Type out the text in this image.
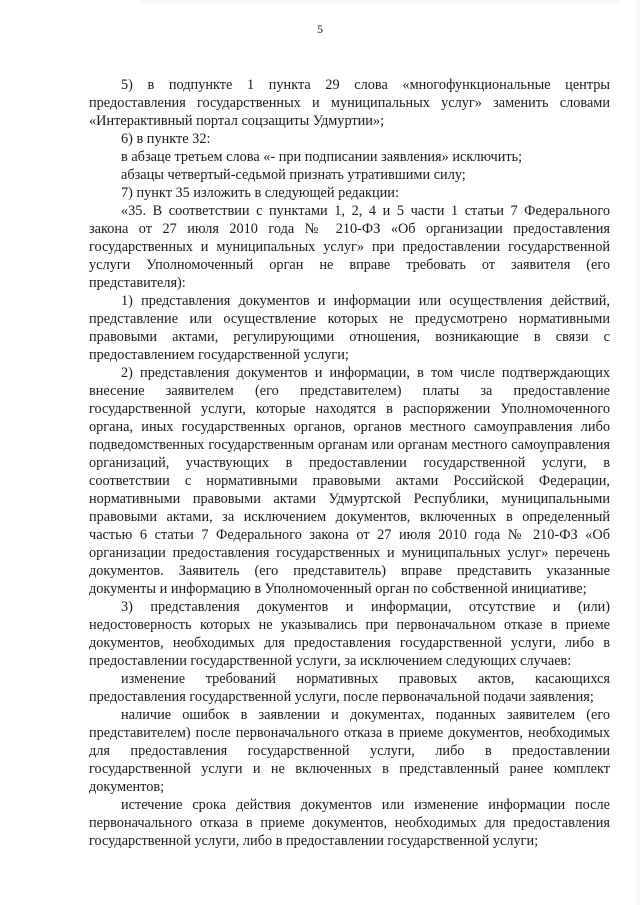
5

5) в подпункте 1 пункта 29 слова «многофункциональные центры предоставления государственных и муниципальных услуг» заменить словами «Интерактивный портал соцзащиты Удмуртии»;

6) в пункте 32:

в абзаце третьем слова «- при подписании заявления» исключить;

абзацы четвертый-седьмой признать утратившими силу;

7) пункт 35 изложить в следующей редакции:

«35. В соответствии с пунктами 1, 2, 4 и 5 части 1 статьи 7 Федерального закона от 27 июля 2010 года № 210-ФЗ «Об организации предоставления государственных и муниципальных услуг» при предоставлении государственной услуги Уполномоченный орган не вправе требовать от заявителя (его представителя):

1) представления документов и информации или осуществления действий, представление или осуществление которых не предусмотрено нормативными правовыми актами, регулирующими отношения, возникающие в связи с предоставлением государственной услуги;

2) представления документов и информации, в том числе подтверждающих внесение заявителем (его представителем) платы за предоставление государственной услуги, которые находятся в распоряжении Уполномоченного органа, иных государственных органов, органов местного самоуправления либо подведомственных государственным органам или органам местного самоуправления организаций, участвующих в предоставлении государственной услуги, в соответствии с нормативными правовыми актами Российской Федерации, нормативными правовыми актами Удмуртской Республики, муниципальными правовыми актами, за исключением документов, включенных в определенный частью 6 статьи 7 Федерального закона от 27 июля 2010 года № 210-ФЗ «Об организации предоставления государственных и муниципальных услуг» перечень документов. Заявитель (его представитель) вправе представить указанные документы и информацию в Уполномоченный орган по собственной инициативе;

3) представления документов и информации, отсутствие и (или) недостоверность которых не указывались при первоначальном отказе в приеме документов, необходимых для предоставления государственной услуги, либо в предоставлении государственной услуги, за исключением следующих случаев:

изменение требований нормативных правовых актов, касающихся предоставления государственной услуги, после первоначальной подачи заявления;

наличие ошибок в заявлении и документах, поданных заявителем (его представителем) после первоначального отказа в приеме документов, необходимых для предоставления государственной услуги, либо в предоставлении государственной услуги и не включенных в представленный ранее комплект документов;

истечение срока действия документов или изменение информации после первоначального отказа в приеме документов, необходимых для предоставления государственной услуги, либо в предоставлении государственной услуги;
